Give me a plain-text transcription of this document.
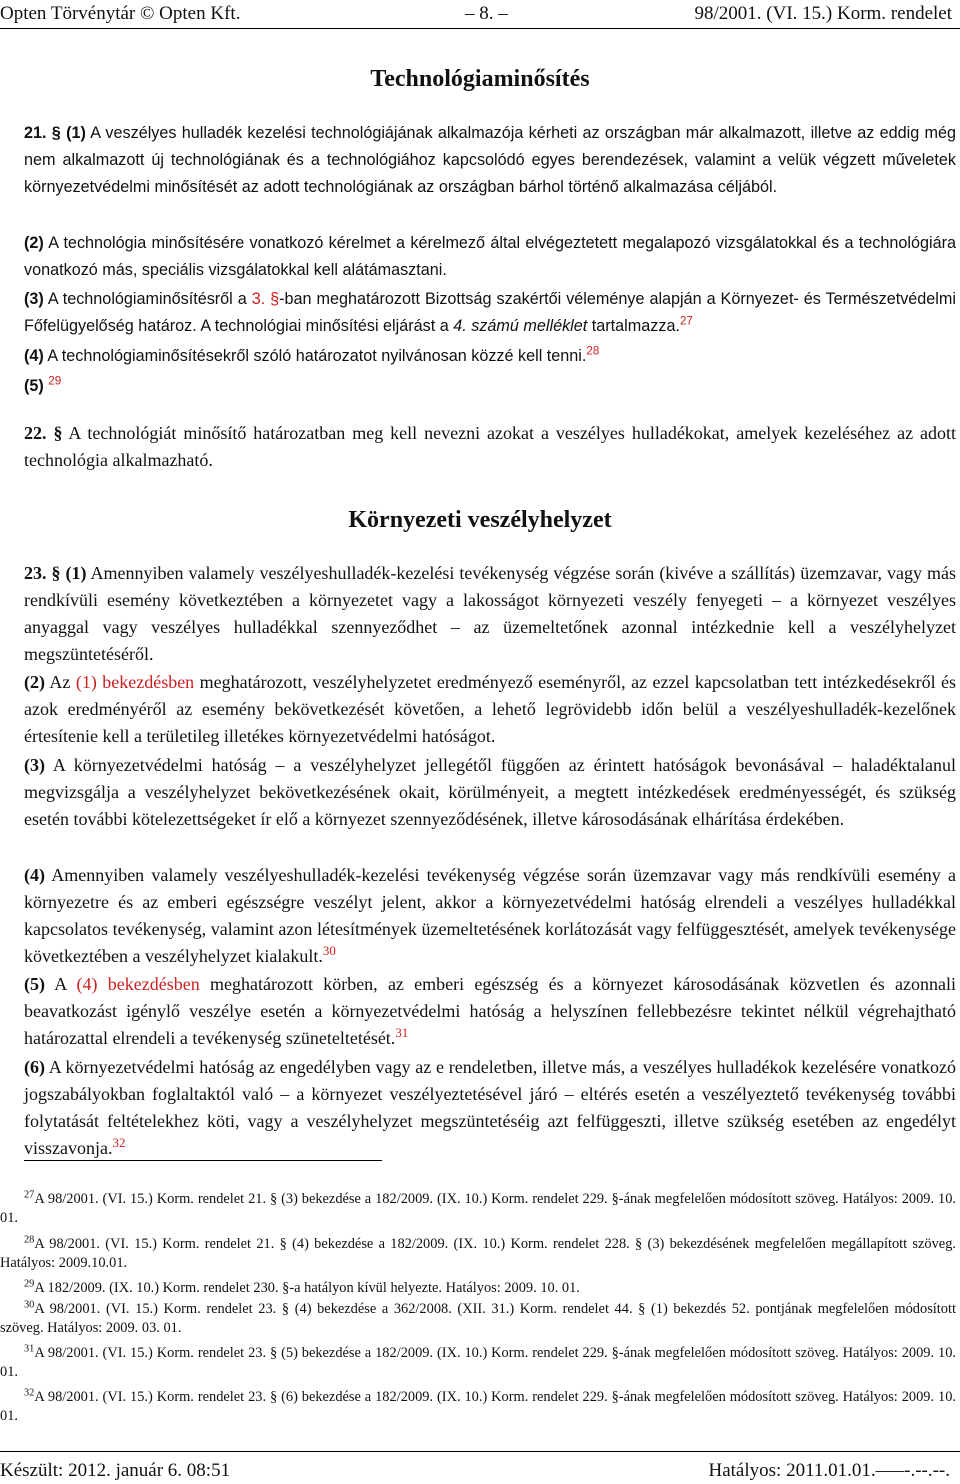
Opten Törvénytár © Opten Kft.	– 8. –	98/2001. (VI. 15.) Korm. rendelet
Technológiaminősítés
21. § (1) A veszélyes hulladék kezelési technológiájának alkalmazója kérheti az országban már alkalmazott, illetve az eddig még nem alkalmazott új technológiának és a technológiához kapcsolódó egyes berendezések, valamint a velük végzett műveletek környezetvédelmi minősítését az adott technológiának az országban bárhol történő alkalmazása céljából.
(2) A technológia minősítésére vonatkozó kérelmet a kérelmező által elvégeztetett megalapozó vizsgálatokkal és a technológiára vonatkozó más, speciális vizsgálatokkal kell alátámasztani.
(3) A technológiaminősítésről a 3. §-ban meghatározott Bizottság szakértői véleménye alapján a Környezet- és Természetvédelmi Főfelügyelőség határoz. A technológiai minősítési eljárást a 4. számú melléklet tartalmazza.$^{27}$
(4) A technológiaminősítésekről szóló határozatot nyilvánosan közzé kell tenni.$^{28}$
(5) $^{29}$
22. § A technológiát minősítő határozatban meg kell nevezni azokat a veszélyes hulladékokat, amelyek kezeléséhez az adott technológia alkalmazható.
Környezeti veszélyhelyzet
23. § (1) Amennyiben valamely veszélyeshulladék-kezelési tevékenység végzése során (kivéve a szállítás) üzemzavar, vagy más rendkívüli esemény következtében a környezetet vagy a lakosságot környezeti veszély fenyegeti – a környezet veszélyes anyaggal vagy veszélyes hulladékkal szennyeződhet – az üzemeltetőnek azonnal intézkednie kell a veszélyhelyzet megszüntetéséről.
(2) Az (1) bekezdésben meghatározott, veszélyhelyzetet eredményező eseményről, az ezzel kapcsolatban tett intézkedésekről és azok eredményéről az esemény bekövetkezését követően, a lehető legrövidebb időn belül a veszélyeshulladék-kezelőnek értesítenie kell a területileg illetékes környezetvédelmi hatóságot.
(3) A környezetvédelmi hatóság – a veszélyhelyzet jellegétől függően az érintett hatóságok bevonásával – haladéktalanul megvizsgálja a veszélyhelyzet bekövetkezésének okait, körülményeit, a megtett intézkedések eredményességét, és szükség esetén további kötelezettségeket ír elő a környezet szennyeződésének, illetve károsodásának elhárítása érdekében.
(4) Amennyiben valamely veszélyeshulladék-kezelési tevékenység végzése során üzemzavar vagy más rendkívüli esemény a környezetre és az emberi egészségre veszélyt jelent, akkor a környezetvédelmi hatóság elrendeli a veszélyes hulladékkal kapcsolatos tevékenység, valamint azon létesítmények üzemeltetésének korlátozását vagy felfüggesztését, amelyek tevékenysége következtében a veszélyhelyzet kialakult.$^{30}$
(5) A (4) bekezdésben meghatározott körben, az emberi egészség és a környezet károsodásának közvetlen és azonnali beavatkozást igénylő veszélye esetén a környezetvédelmi hatóság a helyszínen fellebbezésre tekintet nélkül végrehajtható határozattal elrendeli a tevékenység szüneteltetését.$^{31}$
(6) A környezetvédelmi hatóság az engedélyben vagy az e rendeletben, illetve más, a veszélyes hulladékok kezelésére vonatkozó jogszabályokban foglaltaktól való – a környezet veszélyeztetésével járó – eltérés esetén a veszélyeztető tevékenység további folytatását feltételekhez köti, vagy a veszélyhelyzet megszüntetéséig azt felfüggeszti, illetve szükség esetében az engedélyt visszavonja.$^{32}$
$^{27}$A 98/2001. (VI. 15.) Korm. rendelet 21. § (3) bekezdése a 182/2009. (IX. 10.) Korm. rendelet 229. §-ának megfelelően módosított szöveg. Hatályos: 2009. 10. 01.
$^{28}$A 98/2001. (VI. 15.) Korm. rendelet 21. § (4) bekezdése a 182/2009. (IX. 10.) Korm. rendelet 228. § (3) bekezdésének megfelelően megállapított szöveg. Hatályos: 2009.10.01.
$^{29}$A 182/2009. (IX. 10.) Korm. rendelet 230. §-a hatályon kívül helyezte. Hatályos: 2009. 10. 01.
$^{30}$A 98/2001. (VI. 15.) Korm. rendelet 23. § (4) bekezdése a 362/2008. (XII. 31.) Korm. rendelet 44. § (1) bekezdés 52. pontjának megfelelően módosított szöveg. Hatályos: 2009. 03. 01.
$^{31}$A 98/2001. (VI. 15.) Korm. rendelet 23. § (5) bekezdése a 182/2009. (IX. 10.) Korm. rendelet 229. §-ának megfelelően módosított szöveg. Hatályos: 2009. 10. 01.
$^{32}$A 98/2001. (VI. 15.) Korm. rendelet 23. § (6) bekezdése a 182/2009. (IX. 10.) Korm. rendelet 229. §-ának megfelelően módosított szöveg. Hatályos: 2009. 10. 01.
Készült: 2012. január 6. 08:51	Hatályos: 2011.01.01.–––-.--.--.
